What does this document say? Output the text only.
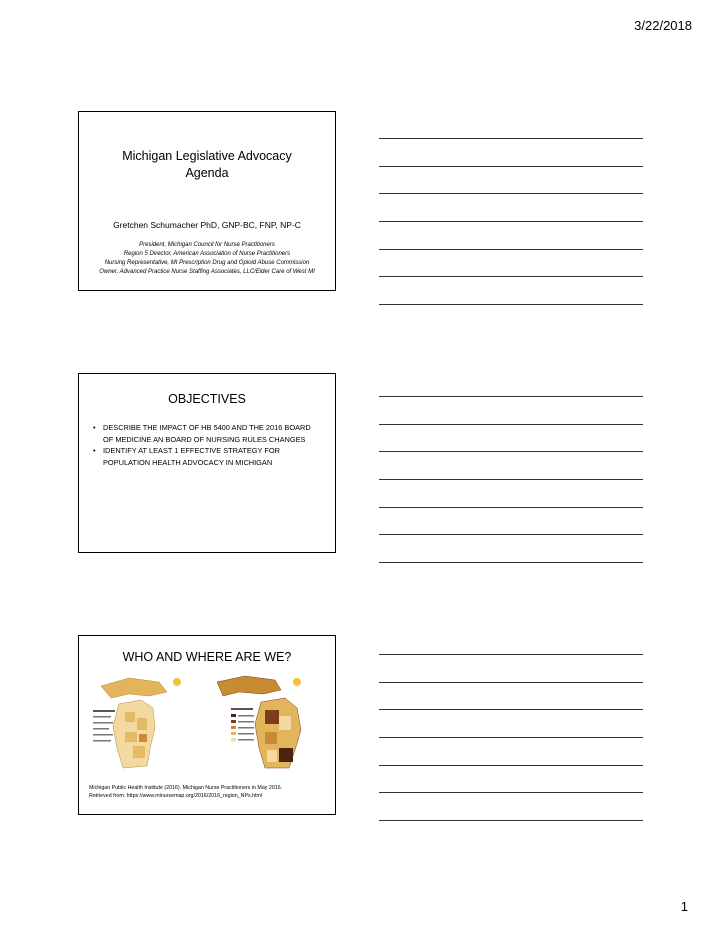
3/22/2018
Michigan Legislative Advocacy
Agenda
Gretchen Schumacher PhD, GNP-BC, FNP, NP-C
President, Michigan Council for Nurse Practitioners
Region 5 Director, American Association of Nurse Practitioners
Nursing Representative, MI Prescription Drug and Opioid Abuse Commission
Owner, Advanced Practice Nurse Staffing Associates, LLC/Elder Care of West MI
OBJECTIVES
• DESCRIBE THE IMPACT OF HB 5400 AND THE 2016 BOARD OF MEDICINE AN BOARD OF NURSING RULES CHANGES
• IDENTIFY AT LEAST 1 EFFECTIVE STRATEGY FOR POPULATION HEALTH ADVOCACY IN MICHIGAN
WHO AND WHERE ARE WE?
Michigan Public Health Institute (2016). Michigan Nurse Practitioners in May 2016.
Retrieved from: https://www.minursemap.org/2016/2016_region_NPs.html
1
